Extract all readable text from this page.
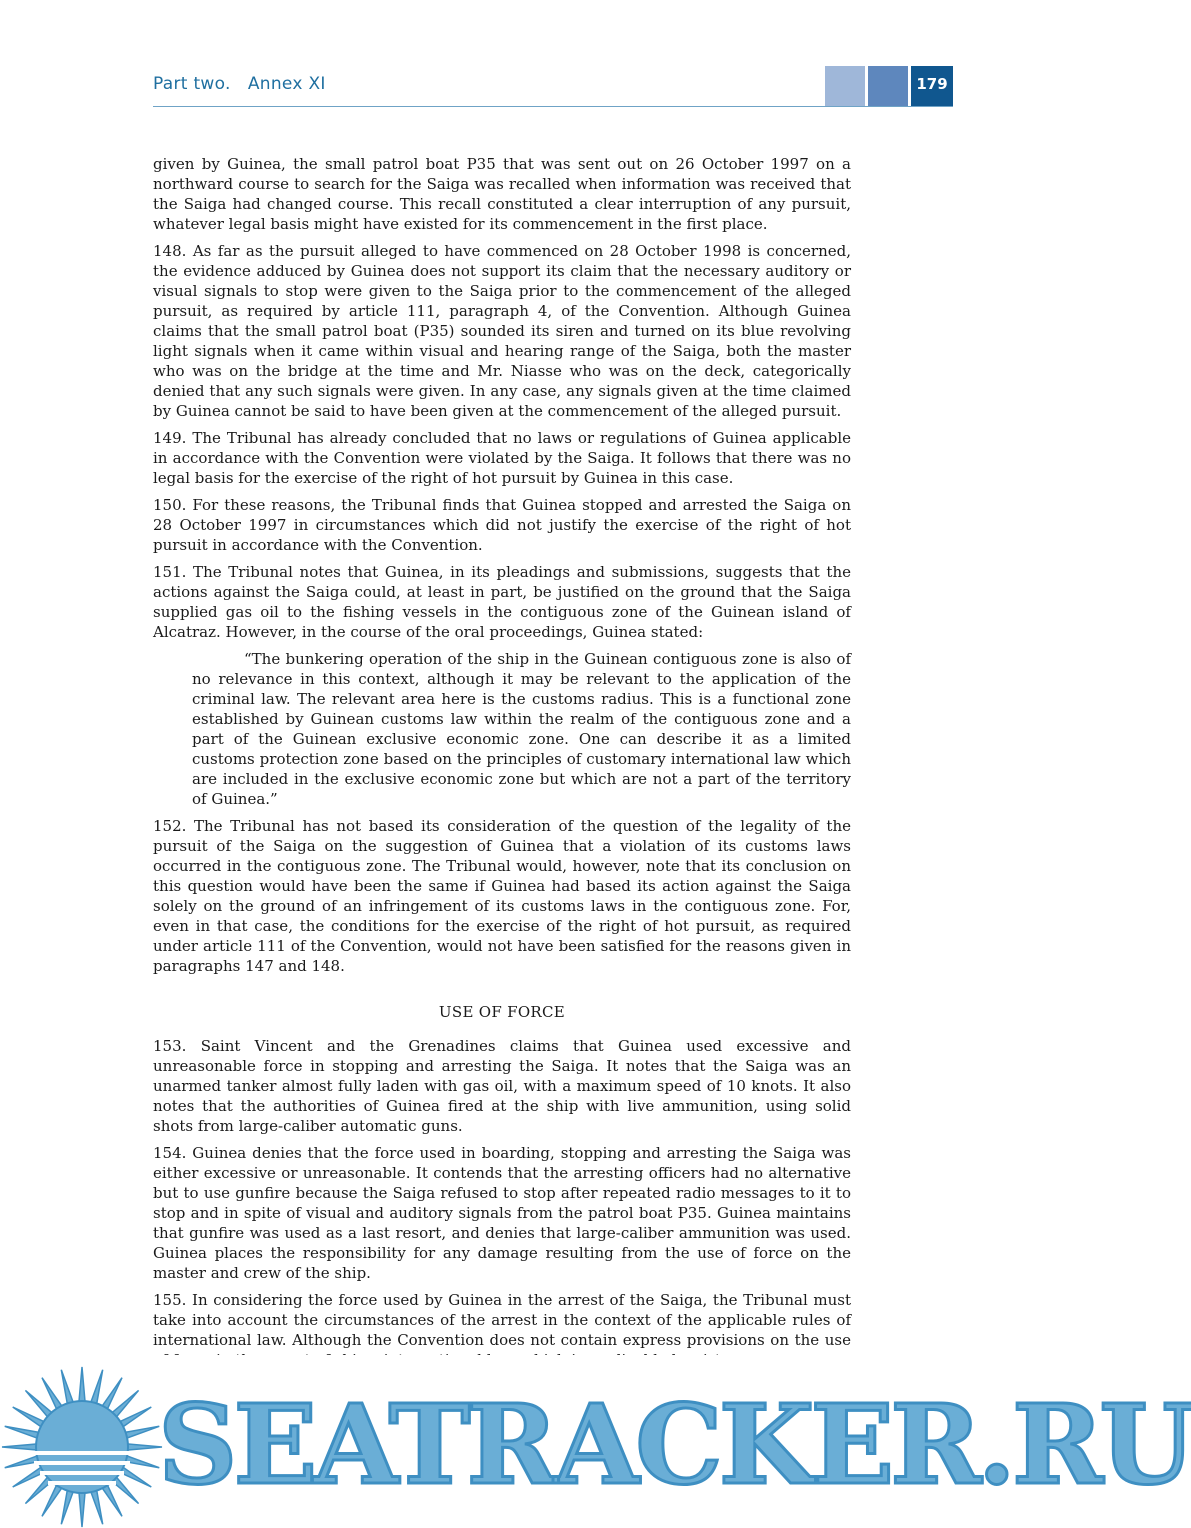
Part two.   Annex XI	179

given by Guinea, the small patrol boat P35 that was sent out on 26 October 1997 on a northward course to search for the Saiga was recalled when information was received that the Saiga had changed course. This recall constituted a clear interruption of any pursuit, whatever legal basis might have existed for its commencement in the first place.

148. As far as the pursuit alleged to have commenced on 28 October 1998 is concerned, the evidence adduced by Guinea does not support its claim that the necessary auditory or visual signals to stop were given to the Saiga prior to the commencement of the alleged pursuit, as required by article 111, paragraph 4, of the Convention. Although Guinea claims that the small patrol boat (P35) sounded its siren and turned on its blue revolving light signals when it came within visual and hearing range of the Saiga, both the master who was on the bridge at the time and Mr. Niasse who was on the deck, categorically denied that any such signals were given. In any case, any signals given at the time claimed by Guinea cannot be said to have been given at the commencement of the alleged pursuit.

149. The Tribunal has already concluded that no laws or regulations of Guinea applicable in accordance with the Convention were violated by the Saiga. It follows that there was no legal basis for the exercise of the right of hot pursuit by Guinea in this case.

150. For these reasons, the Tribunal finds that Guinea stopped and arrested the Saiga on 28 October 1997 in circumstances which did not justify the exercise of the right of hot pursuit in accordance with the Convention.

151. The Tribunal notes that Guinea, in its pleadings and submissions, suggests that the actions against the Saiga could, at least in part, be justified on the ground that the Saiga supplied gas oil to the fishing vessels in the contiguous zone of the Guinean island of Alcatraz. However, in the course of the oral proceedings, Guinea stated:

“The bunkering operation of the ship in the Guinean contiguous zone is also of no relevance in this context, although it may be relevant to the application of the criminal law. The relevant area here is the customs radius. This is a functional zone established by Guinean customs law within the realm of the contiguous zone and a part of the Guinean exclusive economic zone. One can describe it as a limited customs protection zone based on the principles of customary international law which are included in the exclusive economic zone but which are not a part of the territory of Guinea.”

152. The Tribunal has not based its consideration of the question of the legality of the pursuit of the Saiga on the suggestion of Guinea that a violation of its customs laws occurred in the contiguous zone. The Tribunal would, however, note that its conclusion on this question would have been the same if Guinea had based its action against the Saiga solely on the ground of an infringement of its customs laws in the contiguous zone. For, even in that case, the conditions for the exercise of the right of hot pursuit, as required under article 111 of the Convention, would not have been satisfied for the reasons given in paragraphs 147 and 148.

USE OF FORCE

153. Saint Vincent and the Grenadines claims that Guinea used excessive and unreasonable force in stopping and arresting the Saiga. It notes that the Saiga was an unarmed tanker almost fully laden with gas oil, with a maximum speed of 10 knots. It also notes that the authorities of Guinea fired at the ship with live ammunition, using solid shots from large-caliber automatic guns.

154. Guinea denies that the force used in boarding, stopping and arresting the Saiga was either excessive or unreasonable. It contends that the arresting officers had no alternative but to use gunfire because the Saiga refused to stop after repeated radio messages to it to stop and in spite of visual and auditory signals from the patrol boat P35. Guinea maintains that gunfire was used as a last resort, and denies that large-caliber ammunition was used. Guinea places the responsibility for any damage resulting from the use of force on the master and crew of the ship.

155. In considering the force used by Guinea in the arrest of the Saiga, the Tribunal must take into account the circumstances of the arrest in the context of the applicable rules of international law. Although the Convention does not contain express provisions on the use

SEATRACKER.RU
